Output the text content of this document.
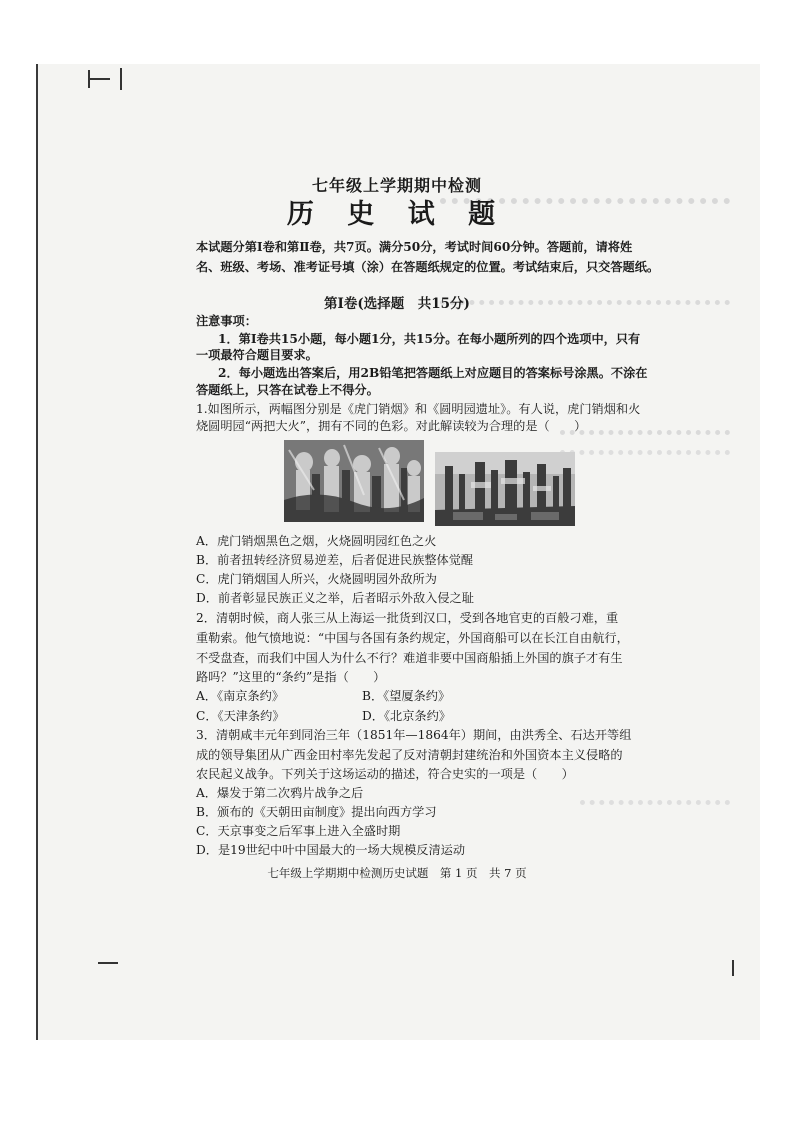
七年级上学期期中检测
历 史 试 题
本试题分第Ⅰ卷和第Ⅱ卷，共7页。满分50分，考试时间60分钟。答题前，请将姓
名、班级、考场、准考证号填（涂）在答题纸规定的位置。考试结束后，只交答题纸。
第Ⅰ卷(选择题　共15分)
注意事项：
1．第Ⅰ卷共15小题，每小题1分，共15分。在每小题所列的四个选项中，只有
一项最符合题目要求。
2．每小题选出答案后，用2B铅笔把答题纸上对应题目的答案标号涂黑。不涂在
答题纸上，只答在试卷上不得分。
1.如图所示，两幅图分别是《虎门销烟》和《圆明园遗址》。有人说，虎门销烟和火
烧圆明园“两把大火”，拥有不同的色彩。对此解读较为合理的是（　　）
A．虎门销烟黑色之烟，火烧圆明园红色之火
B．前者扭转经济贸易逆差，后者促进民族整体觉醒
C．虎门销烟国人所兴，火烧圆明园外敌所为
D．前者彰显民族正义之举，后者昭示外敌入侵之耻
2．清朝时候，商人张三从上海运一批货到汉口，受到各地官吏的百般刁难，重
重勒索。他气愤地说：“中国与各国有条约规定，外国商船可以在长江自由航行，
不受盘查，而我们中国人为什么不行？难道非要中国商船插上外国的旗子才有生
路吗？”这里的“条约”是指（　　）
A．《南京条约》	B．《望厦条约》
C．《天津条约》	D．《北京条约》
3．清朝咸丰元年到同治三年（1851年—1864年）期间，由洪秀全、石达开等组
成的领导集团从广西金田村率先发起了反对清朝封建统治和外国资本主义侵略的
农民起义战争。下列关于这场运动的描述，符合史实的一项是（　　）
A．爆发于第二次鸦片战争之后
B．颁布的《天朝田亩制度》提出向西方学习
C．天京事变之后军事上进入全盛时期
D．是19世纪中叶中国最大的一场大规模反清运动
七年级上学期期中检测历史试题　第 1 页　共 7 页
